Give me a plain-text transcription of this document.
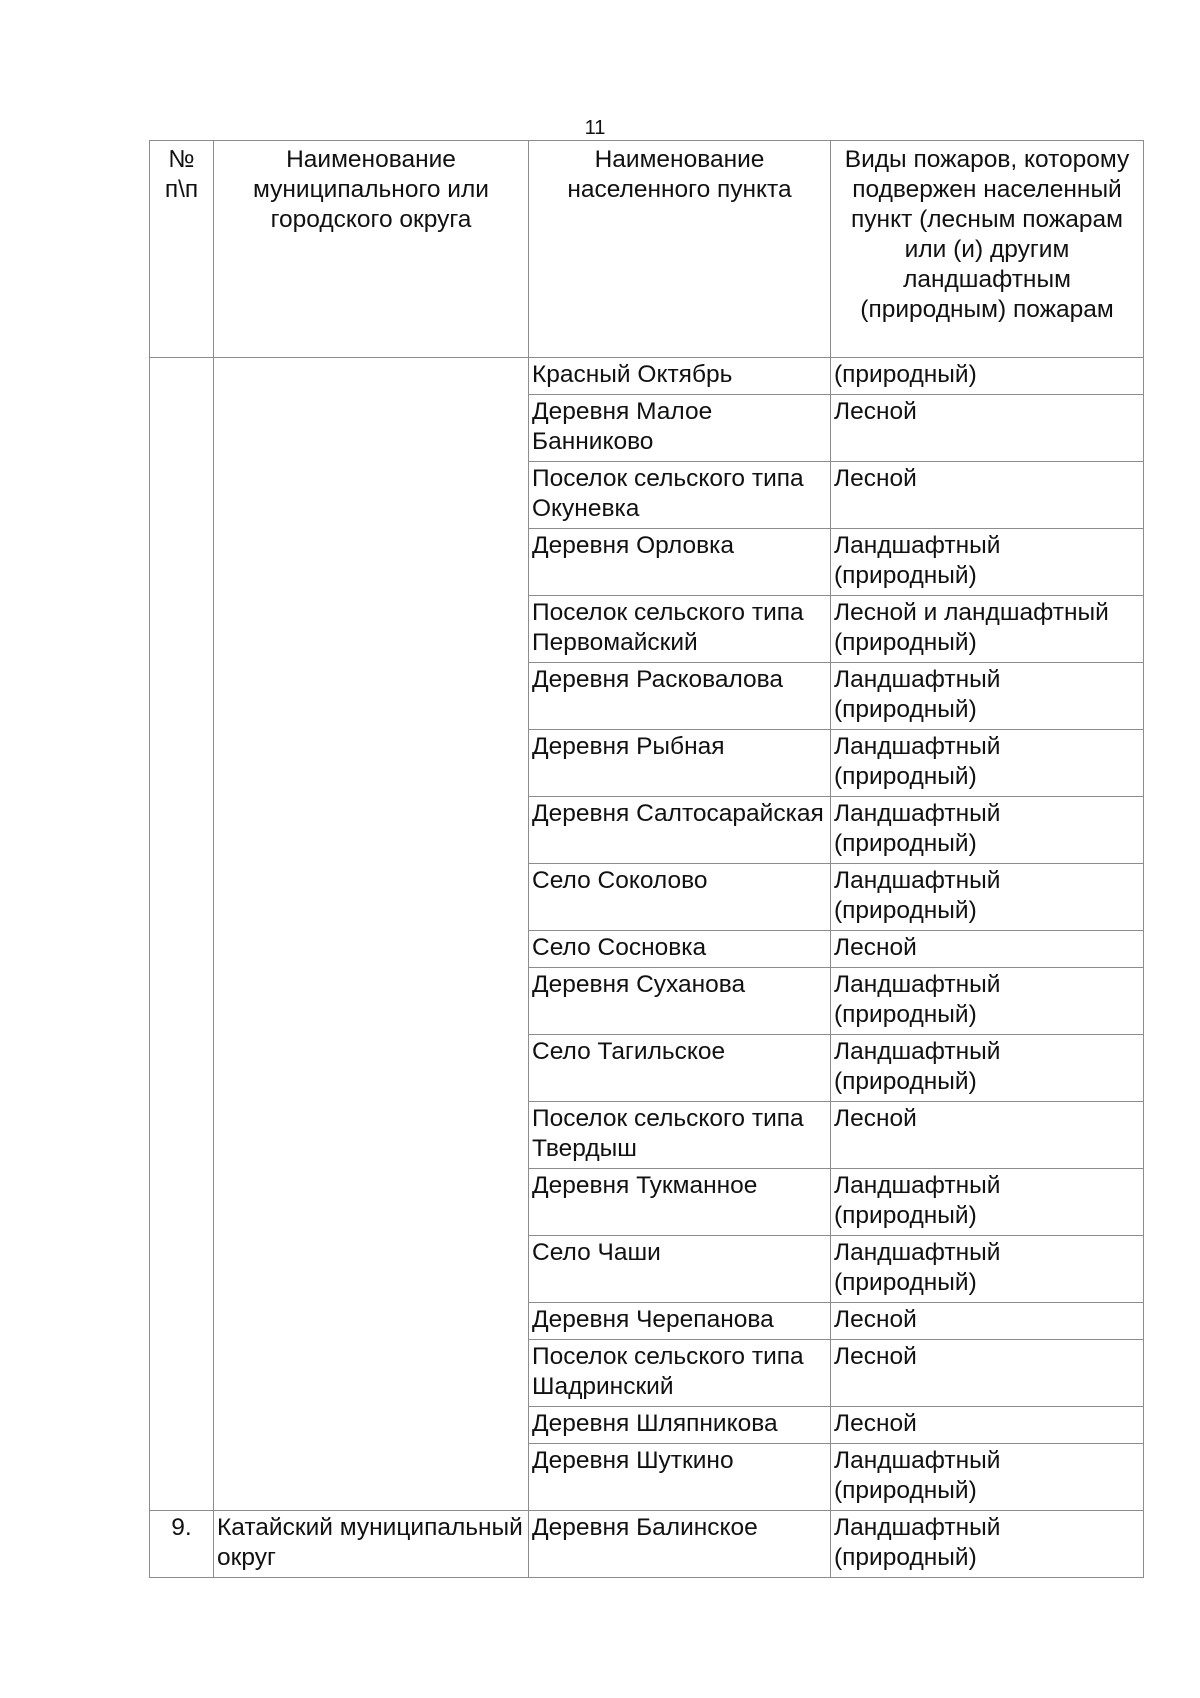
11
№ п\п	Наименование муниципального или городского округа	Наименование населенного пункта	Виды пожаров, которому подвержен населенный пункт (лесным пожарам или (и) другим ландшафтным (природным) пожарам

		Красный Октябрь	(природный)
		Деревня Малое Банниково	Лесной
		Поселок сельского типа Окуневка	Лесной
		Деревня Орловка	Ландшафтный (природный)
		Поселок сельского типа Первомайский	Лесной и ландшафтный (природный)
		Деревня Расковалова	Ландшафтный (природный)
		Деревня Рыбная	Ландшафтный (природный)
		Деревня Салтосарайская	Ландшафтный (природный)
		Село Соколово	Ландшафтный (природный)
		Село Сосновка	Лесной
		Деревня Суханова	Ландшафтный (природный)
		Село Тагильское	Ландшафтный (природный)
		Поселок сельского типа Твердыш	Лесной
		Деревня Тукманное	Ландшафтный (природный)
		Село Чаши	Ландшафтный (природный)
		Деревня Черепанова	Лесной
		Поселок сельского типа Шадринский	Лесной
		Деревня Шляпникова	Лесной
		Деревня Шуткино	Ландшафтный (природный)
9.	Катайский муниципальный округ	Деревня Балинское	Ландшафтный (природный)
